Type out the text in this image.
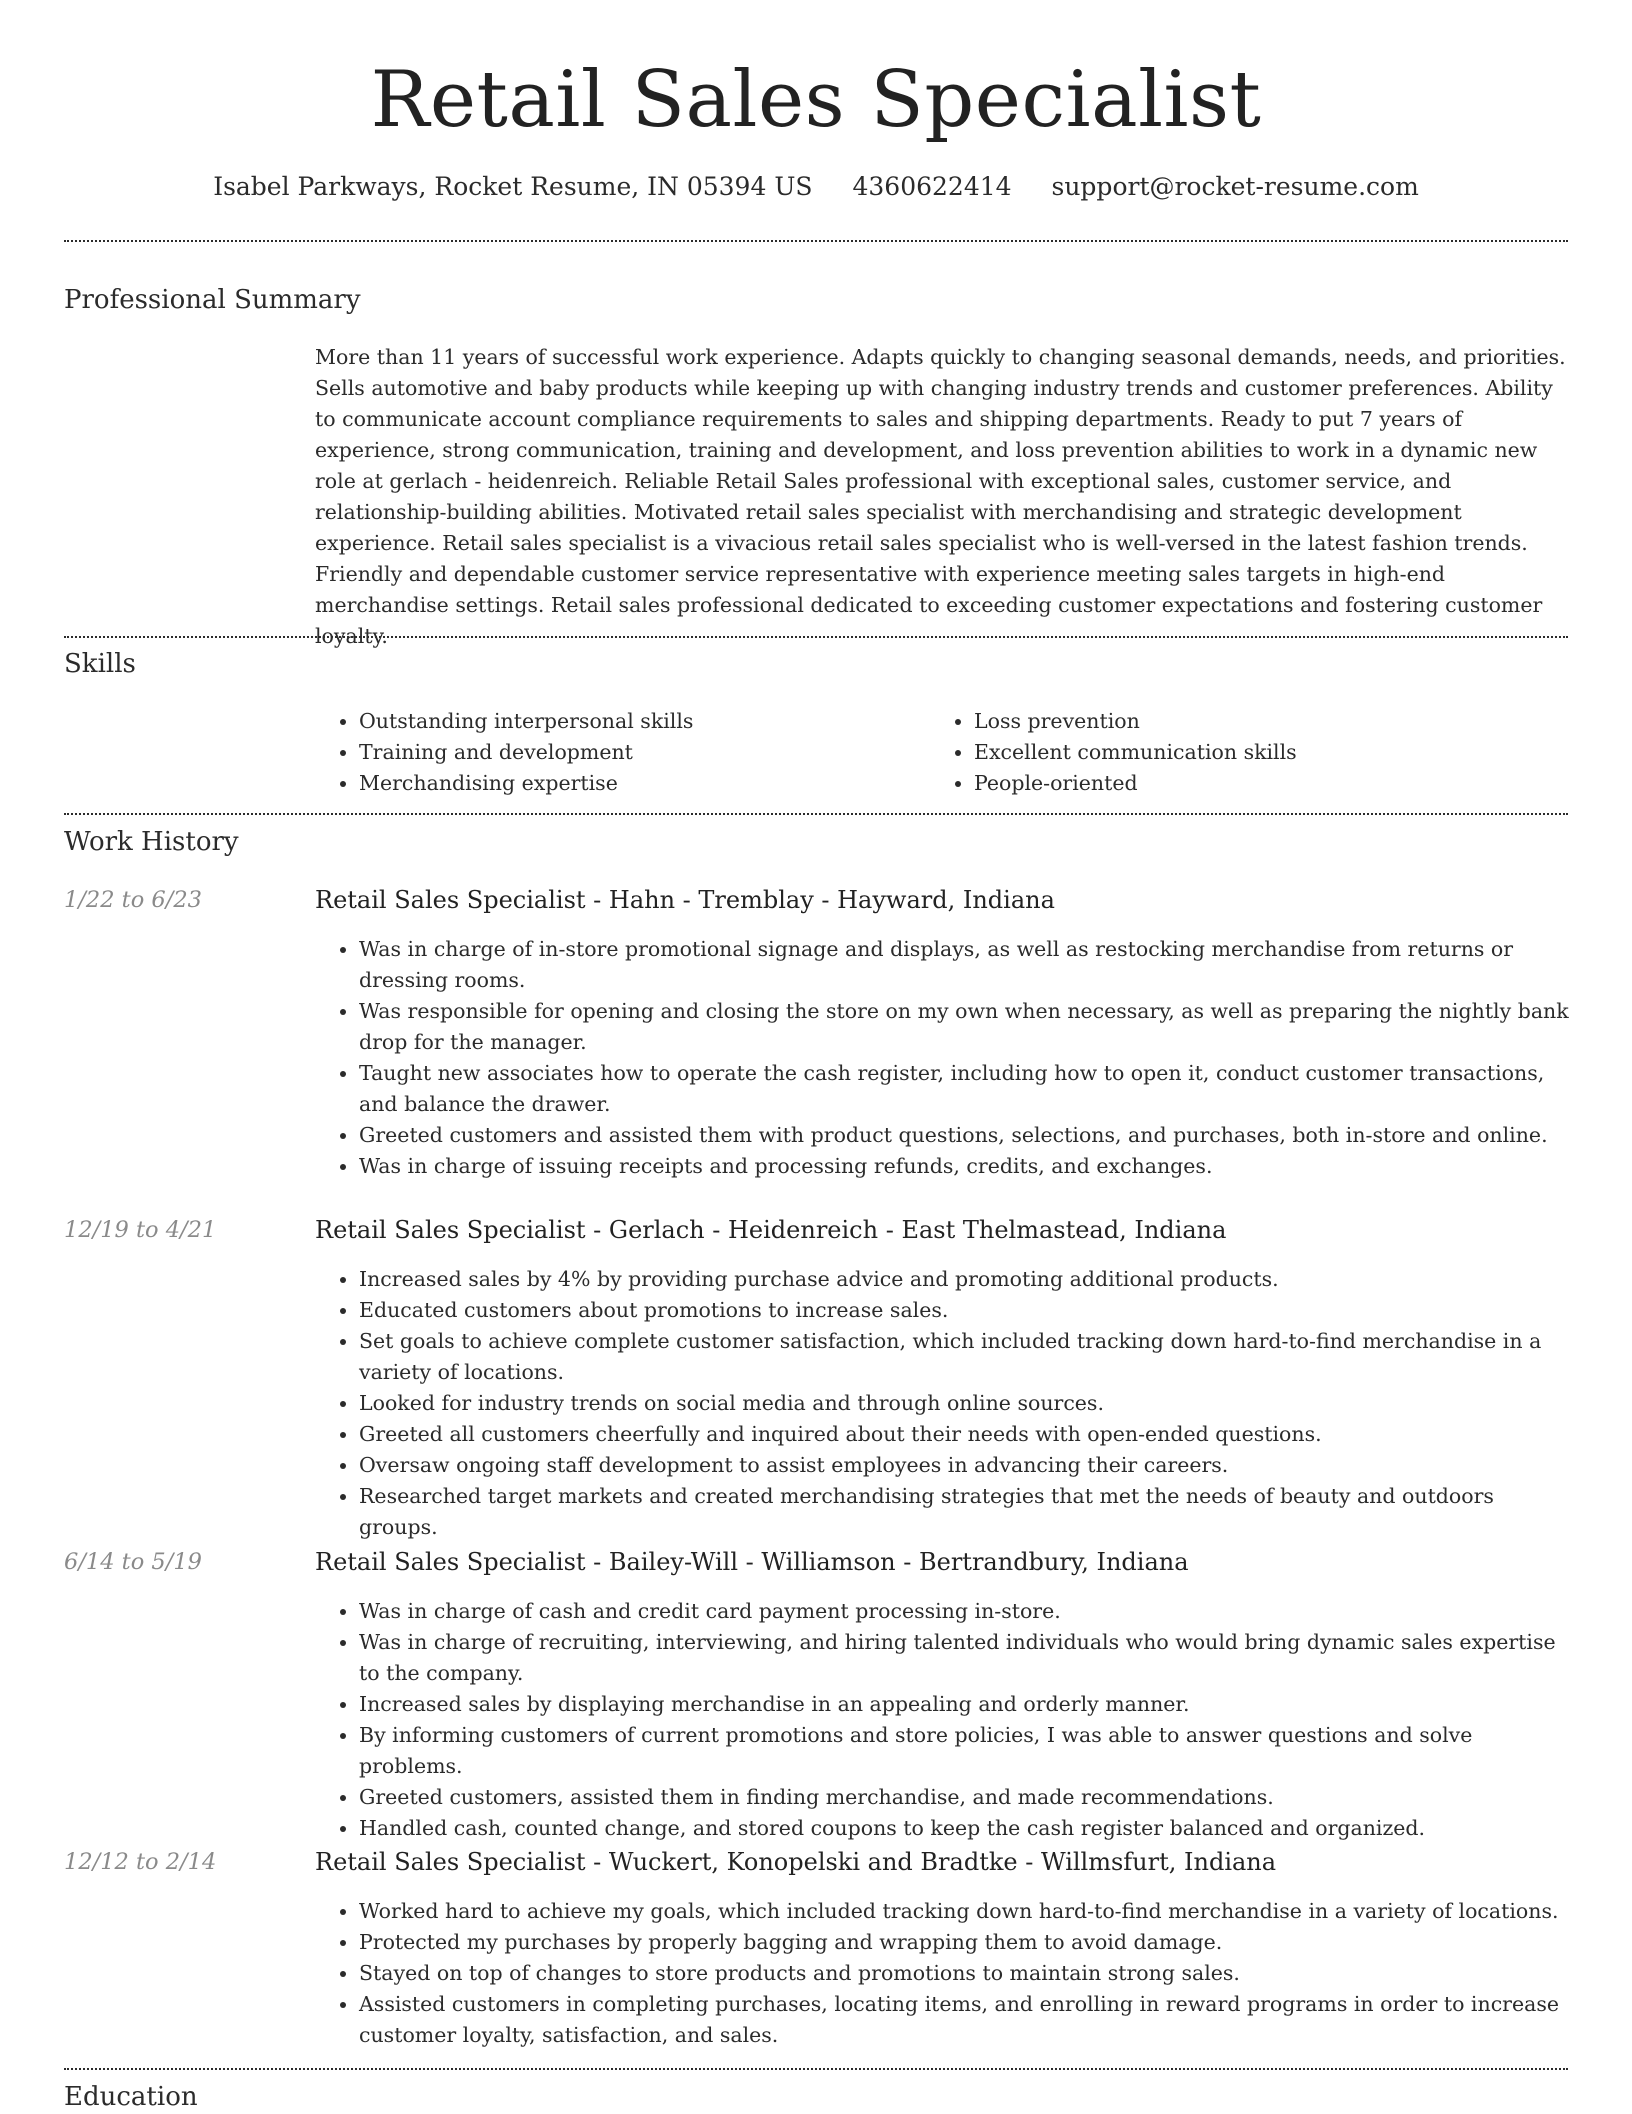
Retail Sales Specialist
Isabel Parkways, Rocket Resume, IN 05394 US 4360622414 support@rocket-resume.com
Professional Summary

More than 11 years of successful work experience. Adapts quickly to changing seasonal demands, needs, and priorities. Sells automotive and baby products while keeping up with changing industry trends and customer preferences. Ability to communicate account compliance requirements to sales and shipping departments. Ready to put 7 years of experience, strong communication, training and development, and loss prevention abilities to work in a dynamic new role at gerlach - heidenreich. Reliable Retail Sales professional with exceptional sales, customer service, and relationship-building abilities. Motivated retail sales specialist with merchandising and strategic development experience. Retail sales specialist is a vivacious retail sales specialist who is well-versed in the latest fashion trends. Friendly and dependable customer service representative with experience meeting sales targets in high-end merchandise settings. Retail sales professional dedicated to exceeding customer expectations and fostering customer loyalty.

Skills
• Outstanding interpersonal skills
• Training and development
• Merchandising expertise
• Loss prevention
• Excellent communication skills
• People-oriented
Work History
1/22 to 6/23	Retail Sales Specialist - Hahn - Tremblay - Hayward, Indiana
• Was in charge of in-store promotional signage and displays, as well as restocking merchandise from returns or dressing rooms.
• Was responsible for opening and closing the store on my own when necessary, as well as preparing the nightly bank drop for the manager.
• Taught new associates how to operate the cash register, including how to open it, conduct customer transactions, and balance the drawer.
• Greeted customers and assisted them with product questions, selections, and purchases, both in-store and online.
• Was in charge of issuing receipts and processing refunds, credits, and exchanges.
12/19 to 4/21	Retail Sales Specialist - Gerlach - Heidenreich - East Thelmastead, Indiana
• Increased sales by 4% by providing purchase advice and promoting additional products.
• Educated customers about promotions to increase sales.
• Set goals to achieve complete customer satisfaction, which included tracking down hard-to-find merchandise in a variety of locations.
• Looked for industry trends on social media and through online sources.
• Greeted all customers cheerfully and inquired about their needs with open-ended questions.
• Oversaw ongoing staff development to assist employees in advancing their careers.
• Researched target markets and created merchandising strategies that met the needs of beauty and outdoors groups.
6/14 to 5/19	Retail Sales Specialist - Bailey-Will - Williamson - Bertrandbury, Indiana
• Was in charge of cash and credit card payment processing in-store.
• Was in charge of recruiting, interviewing, and hiring talented individuals who would bring dynamic sales expertise to the company.
• Increased sales by displaying merchandise in an appealing and orderly manner.
• By informing customers of current promotions and store policies, I was able to answer questions and solve problems.
• Greeted customers, assisted them in finding merchandise, and made recommendations.
• Handled cash, counted change, and stored coupons to keep the cash register balanced and organized.
12/12 to 2/14	Retail Sales Specialist - Wuckert, Konopelski and Bradtke - Willmsfurt, Indiana
• Worked hard to achieve my goals, which included tracking down hard-to-find merchandise in a variety of locations.
• Protected my purchases by properly bagging and wrapping them to avoid damage.
• Stayed on top of changes to store products and promotions to maintain strong sales.
• Assisted customers in completing purchases, locating items, and enrolling in reward programs in order to increase customer loyalty, satisfaction, and sales.
Education
